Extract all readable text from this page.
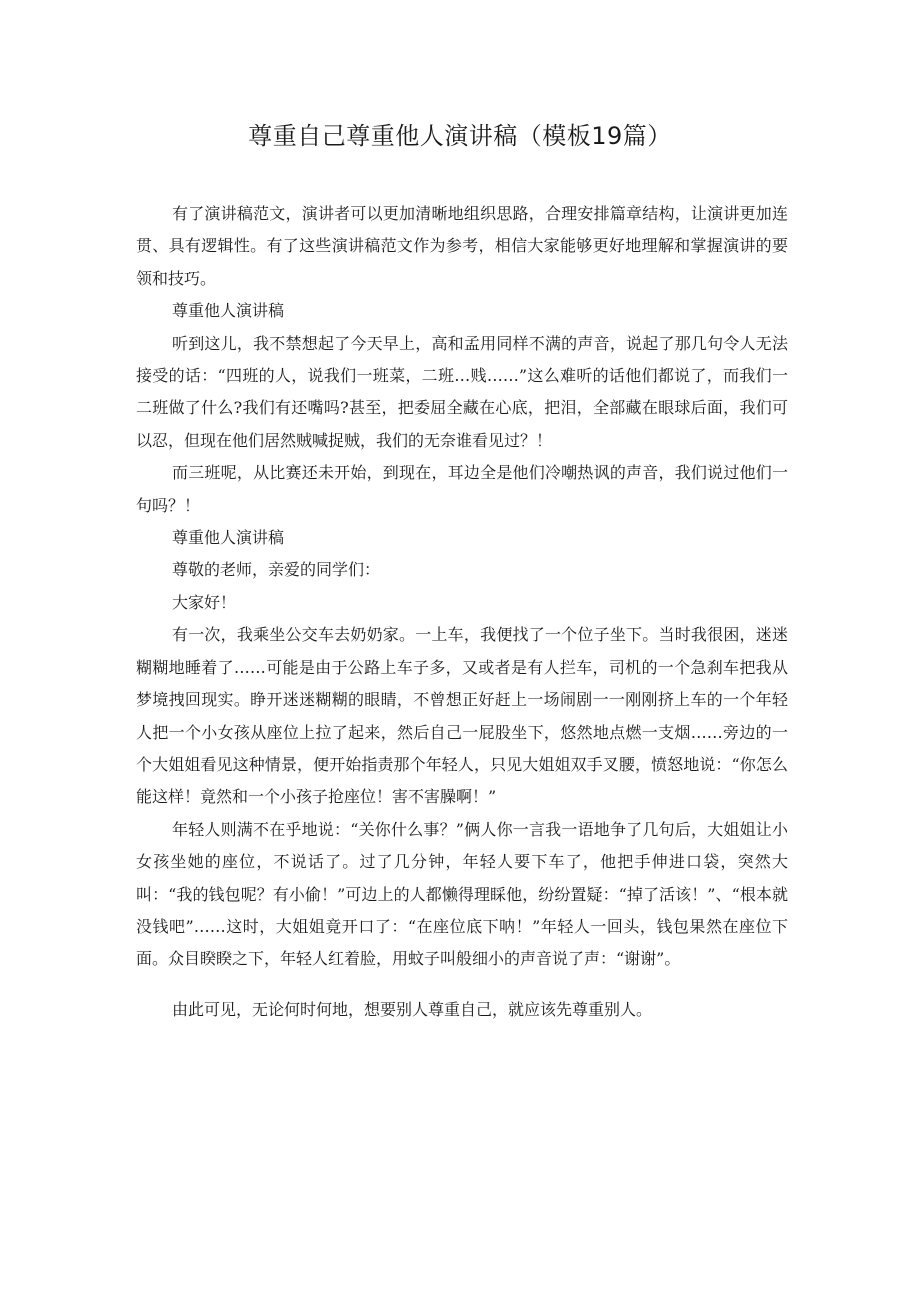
尊重自己尊重他人演讲稿（模板19篇）

有了演讲稿范文，演讲者可以更加清晰地组织思路，合理安排篇章结构，让演讲更加连贯、具有逻辑性。有了这些演讲稿范文作为参考，相信大家能够更好地理解和掌握演讲的要领和技巧。

尊重他人演讲稿

听到这儿，我不禁想起了今天早上，高和孟用同样不满的声音，说起了那几句令人无法接受的话：“四班的人，说我们一班菜，二班…贱……”这么难听的话他们都说了，而我们一二班做了什么?我们有还嘴吗?甚至，把委屈全藏在心底，把泪，全部藏在眼球后面，我们可以忍，但现在他们居然贼喊捉贼，我们的无奈谁看见过？！

而三班呢，从比赛还未开始，到现在，耳边全是他们冷嘲热讽的声音，我们说过他们一句吗？！

尊重他人演讲稿

尊敬的老师，亲爱的同学们：

大家好！

有一次，我乘坐公交车去奶奶家。一上车，我便找了一个位子坐下。当时我很困，迷迷糊糊地睡着了……可能是由于公路上车子多，又或者是有人拦车，司机的一个急刹车把我从梦境拽回现实。睁开迷迷糊糊的眼睛，不曾想正好赶上一场闹剧一一刚刚挤上车的一个年轻人把一个小女孩从座位上拉了起来，然后自己一屁股坐下，悠然地点燃一支烟……旁边的一个大姐姐看见这种情景，便开始指责那个年轻人，只见大姐姐双手叉腰，愤怒地说：“你怎么能这样！竟然和一个小孩子抢座位！害不害臊啊！”

年轻人则满不在乎地说：“关你什么事？”俩人你一言我一语地争了几句后，大姐姐让小女孩坐她的座位，不说话了。过了几分钟，年轻人要下车了，他把手伸进口袋，突然大叫：“我的钱包呢？有小偷！”可边上的人都懒得理睬他，纷纷置疑：“掉了活该！”、“根本就没钱吧”……这时，大姐姐竟开口了：“在座位底下呐！”年轻人一回头，钱包果然在座位下面。众目睽睽之下，年轻人红着脸，用蚊子叫般细小的声音说了声：“谢谢”。

由此可见，无论何时何地，想要别人尊重自己，就应该先尊重别人。
